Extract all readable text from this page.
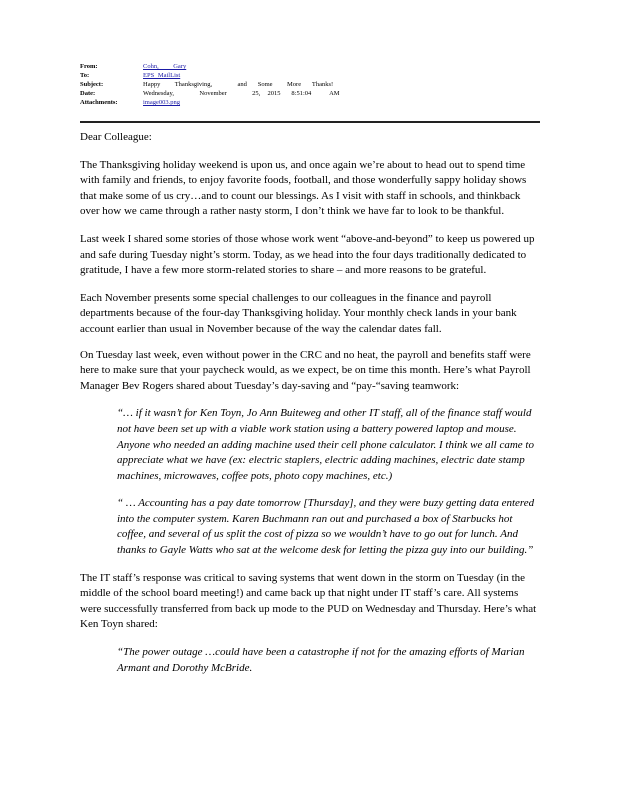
From:	Cohn,    Gary
To:	EPS MailList
Subject:	Happy    Thanksgiving,       and   Some    More   Thanks!
Date:	Wednesday,       November       25,  2015   8:51:04     AM
Attachments:	image003.png

Dear Colleague:

The Thanksgiving holiday weekend is upon us, and once again we’re about to head out to spend time with family and friends, to enjoy favorite foods, football, and those wonderfully sappy holiday shows that make some of us cry…and to count our blessings. As I visit with staff in schools, and thinkback over how we came through a rather nasty storm, I don’t think we have far to look to be thankful.

Last week I shared some stories of those whose work went “above-and-beyond” to keep us powered up and safe during Tuesday night’s storm. Today, as we head into the four days traditionally dedicated to gratitude, I have a few more storm-related stories to share – and more reasons to be grateful.

Each November presents some special challenges to our colleagues in the finance and payroll departments because of the four-day Thanksgiving holiday. Your monthly check lands in your bank account earlier than usual in November because of the way the calendar dates fall.

On Tuesday last week, even without power in the CRC and no heat, the payroll and benefits staff were here to make sure that your paycheck would, as we expect, be on time this month. Here’s what Payroll Manager Bev Rogers shared about Tuesday’s day-saving and “pay-“saving teamwork:

“… if it wasn’t for Ken Toyn, Jo Ann Buiteweg and other IT staff, all of the finance staff would not have been set up with a viable work station using a battery powered laptop and mouse. Anyone who needed an adding machine used their cell phone calculator. I think we all came to appreciate what we have (ex: electric staplers, electric adding machines, electric date stamp machines, microwaves, coffee pots, photo copy machines, etc.)

“ … Accounting has a pay date tomorrow [Thursday], and they were buzy getting data entered into the computer system. Karen Buchmann ran out and purchased a box of Starbucks hot coffee, and several of us split the cost of pizza so we wouldn’t have to go out for lunch. And thanks to Gayle Watts who sat at the welcome desk for letting the pizza guy into our building.”

The IT staff’s response was critical to saving systems that went down in the storm on Tuesday (in the middle of the school board meeting!) and came back up that night under IT staff’s care. All systems were successfully transferred from back up mode to the PUD on Wednesday and Thursday. Here’s what Ken Toyn shared:

“The power outage …could have been a catastrophe if not for the amazing efforts of Marian Armant and Dorothy McBride.
